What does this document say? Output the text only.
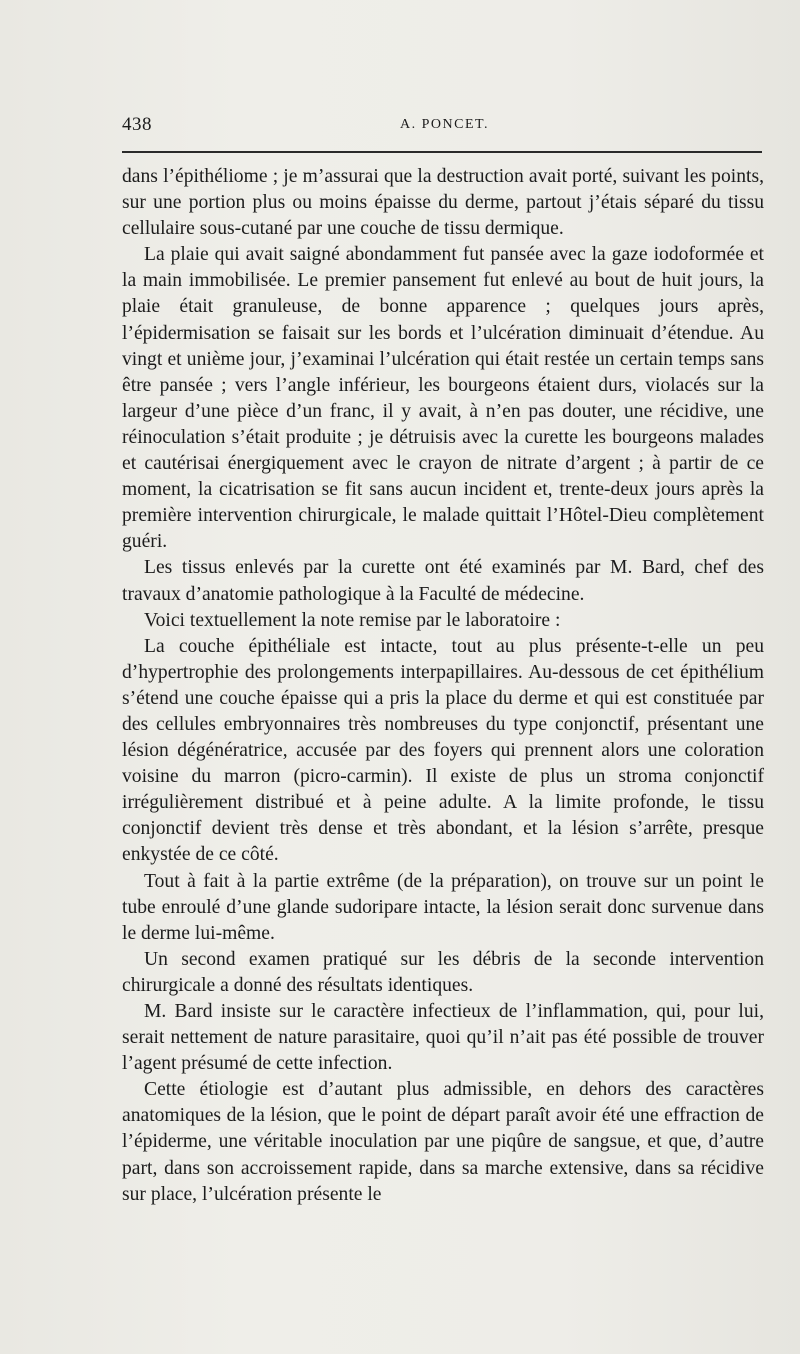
438	A. PONCET.

dans l’épithéliome ; je m’assurai que la destruction avait porté, suivant les points, sur une portion plus ou moins épaisse du derme, partout j’étais séparé du tissu cellulaire sous-cutané par une couche de tissu dermique.

La plaie qui avait saigné abondamment fut pansée avec la gaze iodoformée et la main immobilisée. Le premier pansement fut enlevé au bout de huit jours, la plaie était granuleuse, de bonne apparence ; quelques jours après, l’épidermisation se faisait sur les bords et l’ulcération diminuait d’étendue. Au vingt et unième jour, j’examinai l’ulcération qui était restée un certain temps sans être pansée ; vers l’angle inférieur, les bourgeons étaient durs, violacés sur la largeur d’une pièce d’un franc, il y avait, à n’en pas douter, une récidive, une réinoculation s’était produite ; je détruisis avec la curette les bourgeons malades et cautérisai énergiquement avec le crayon de nitrate d’argent ; à partir de ce moment, la cicatrisation se fit sans aucun incident et, trente-deux jours après la première intervention chirurgicale, le malade quittait l’Hôtel-Dieu complètement guéri.

Les tissus enlevés par la curette ont été examinés par M. Bard, chef des travaux d’anatomie pathologique à la Faculté de médecine.

Voici textuellement la note remise par le laboratoire :

La couche épithéliale est intacte, tout au plus présente-t-elle un peu d’hypertrophie des prolongements interpapillaires. Au-dessous de cet épithélium s’étend une couche épaisse qui a pris la place du derme et qui est constituée par des cellules embryonnaires très nombreuses du type conjonctif, présentant une lésion dégénératrice, accusée par des foyers qui prennent alors une coloration voisine du marron (picro-carmin). Il existe de plus un stroma conjonctif irrégulièrement distribué et à peine adulte. A la limite profonde, le tissu conjonctif devient très dense et très abondant, et la lésion s’arrête, presque enkystée de ce côté.

Tout à fait à la partie extrême (de la préparation), on trouve sur un point le tube enroulé d’une glande sudoripare intacte, la lésion serait donc survenue dans le derme lui-même.

Un second examen pratiqué sur les débris de la seconde intervention chirurgicale a donné des résultats identiques.

M. Bard insiste sur le caractère infectieux de l’inflammation, qui, pour lui, serait nettement de nature parasitaire, quoi qu’il n’ait pas été possible de trouver l’agent présumé de cette infection.

Cette étiologie est d’autant plus admissible, en dehors des caractères anatomiques de la lésion, que le point de départ paraît avoir été une effraction de l’épiderme, une véritable inoculation par une piqûre de sangsue, et que, d’autre part, dans son accroissement rapide, dans sa marche extensive, dans sa récidive sur place, l’ulcération présente le
